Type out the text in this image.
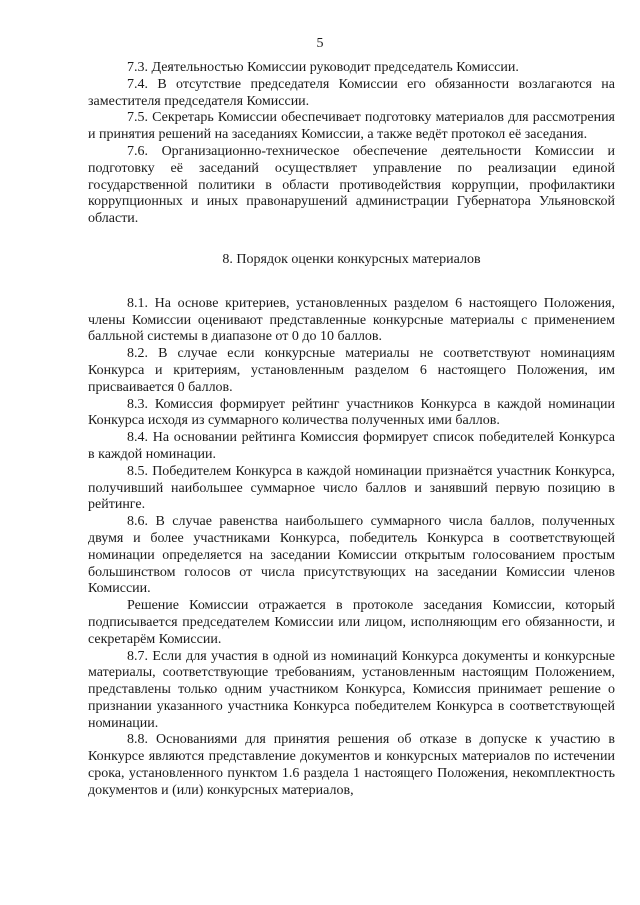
5

7.3. Деятельностью Комиссии руководит председатель Комиссии.

7.4. В отсутствие председателя Комиссии его обязанности возлагаются на заместителя председателя Комиссии.

7.5. Секретарь Комиссии обеспечивает подготовку материалов для рассмотрения и принятия решений на заседаниях Комиссии, а также ведёт протокол её заседания.

7.6. Организационно-техническое обеспечение деятельности Комиссии и подготовку её заседаний осуществляет управление по реализации единой государственной политики в области противодействия коррупции, профилактики коррупционных и иных правонарушений администрации Губернатора Ульяновской области.

8. Порядок оценки конкурсных материалов

8.1. На основе критериев, установленных разделом 6 настоящего Положения, члены Комиссии оценивают представленные конкурсные материалы с применением балльной системы в диапазоне от 0 до 10 баллов.

8.2. В случае если конкурсные материалы не соответствуют номинациям Конкурса и критериям, установленным разделом 6 настоящего Положения, им присваивается 0 баллов.

8.3. Комиссия формирует рейтинг участников Конкурса в каждой номинации Конкурса исходя из суммарного количества полученных ими баллов.

8.4. На основании рейтинга Комиссия формирует список победителей Конкурса в каждой номинации.

8.5. Победителем Конкурса в каждой номинации признаётся участник Конкурса, получивший наибольшее суммарное число баллов и занявший первую позицию в рейтинге.

8.6. В случае равенства наибольшего суммарного числа баллов, полученных двумя и более участниками Конкурса, победитель Конкурса в соответствующей номинации определяется на заседании Комиссии открытым голосованием простым большинством голосов от числа присутствующих на заседании Комиссии членов Комиссии.

Решение Комиссии отражается в протоколе заседания Комиссии, который подписывается председателем Комиссии или лицом, исполняющим его обязанности, и секретарём Комиссии.

8.7. Если для участия в одной из номинаций Конкурса документы и конкурсные материалы, соответствующие требованиям, установленным настоящим Положением, представлены только одним участником Конкурса, Комиссия принимает решение о признании указанного участника Конкурса победителем Конкурса в соответствующей номинации.

8.8. Основаниями для принятия решения об отказе в допуске к участию в Конкурсе являются представление документов и конкурсных материалов по истечении срока, установленного пунктом 1.6 раздела 1 настоящего Положения, некомплектность документов и (или) конкурсных материалов,
